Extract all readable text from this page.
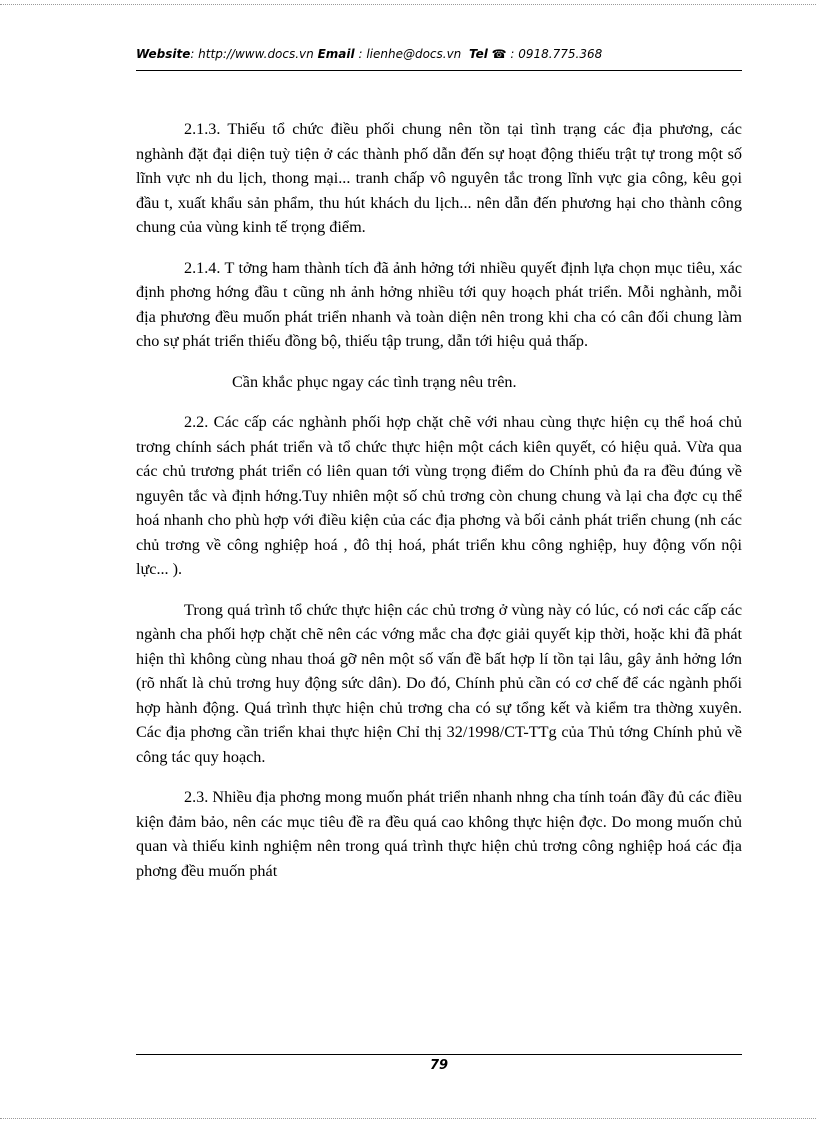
Website: http://www.docs.vn Email : lienhe@docs.vn Tel ☎ : 0918.775.368

2.1.3. Thiếu tổ chức điều phối chung nên tồn tại tình trạng các địa phương, các nghành đặt đại diện tuỳ tiện ở các thành phố dẫn đến sự hoạt động thiếu trật tự trong một số lĩnh vực nh du lịch, thong mại... tranh chấp vô nguyên tắc trong lĩnh vực gia công, kêu gọi đầu t, xuất khẩu sản phẩm, thu hút khách du lịch... nên dẫn đến phương hại cho thành công chung của vùng kinh tế trọng điểm.

2.1.4. T tởng ham thành tích đã ảnh hởng tới nhiều quyết định lựa chọn mục tiêu, xác định phơng hớng đầu t cũng nh ảnh hởng nhiều tới quy hoạch phát triển. Mỗi nghành, mỗi địa phương đều muốn phát triển nhanh và toàn diện nên trong khi cha có cân đối chung làm cho sự phát triển thiếu đồng bộ, thiếu tập trung, dẫn tới hiệu quả thấp.

Cần khắc phục ngay các tình trạng nêu trên.

2.2. Các cấp các nghành phối hợp chặt chẽ với nhau cùng thực hiện cụ thể hoá chủ trơng chính sách phát triển và tổ chức thực hiện một cách kiên quyết, có hiệu quả. Vừa qua các chủ trương phát triển có liên quan tới vùng trọng điểm do Chính phủ đa ra đều đúng về nguyên tắc và định hớng.Tuy nhiên một số chủ trơng còn chung chung và lại cha đợc cụ thể hoá nhanh cho phù hợp với điều kiện của các địa phơng và bối cảnh phát triển chung (nh các chủ trơng về công nghiệp hoá , đô thị hoá, phát triển khu công nghiệp, huy động vốn nội lực... ).

Trong quá trình tổ chức thực hiện các chủ trơng ở vùng này có lúc, có nơi các cấp các ngành cha phối hợp chặt chẽ nên các vớng mắc cha đợc giải quyết kịp thời, hoặc khi đã phát hiện thì không cùng nhau thoá gỡ nên một số vấn đề bất hợp lí tồn tại lâu, gây ảnh hởng lớn (rõ nhất là chủ trơng huy động sức dân). Do đó, Chính phủ cần có cơ chế để các ngành phối hợp hành động. Quá trình thực hiện chủ trơng cha có sự tổng kết và kiểm tra thờng xuyên. Các địa phơng cần triển khai thực hiện Chỉ thị 32/1998/CT-TTg của Thủ tớng Chính phủ về công tác quy hoạch.

2.3. Nhiều địa phơng mong muốn phát triển nhanh nhng cha tính toán đầy đủ các điều kiện đảm bảo, nên các mục tiêu đề ra đều quá cao không thực hiện đợc. Do mong muốn chủ quan và thiếu kinh nghiệm nên trong quá trình thực hiện chủ trơng công nghiệp hoá các địa phơng đều muốn phát

79
